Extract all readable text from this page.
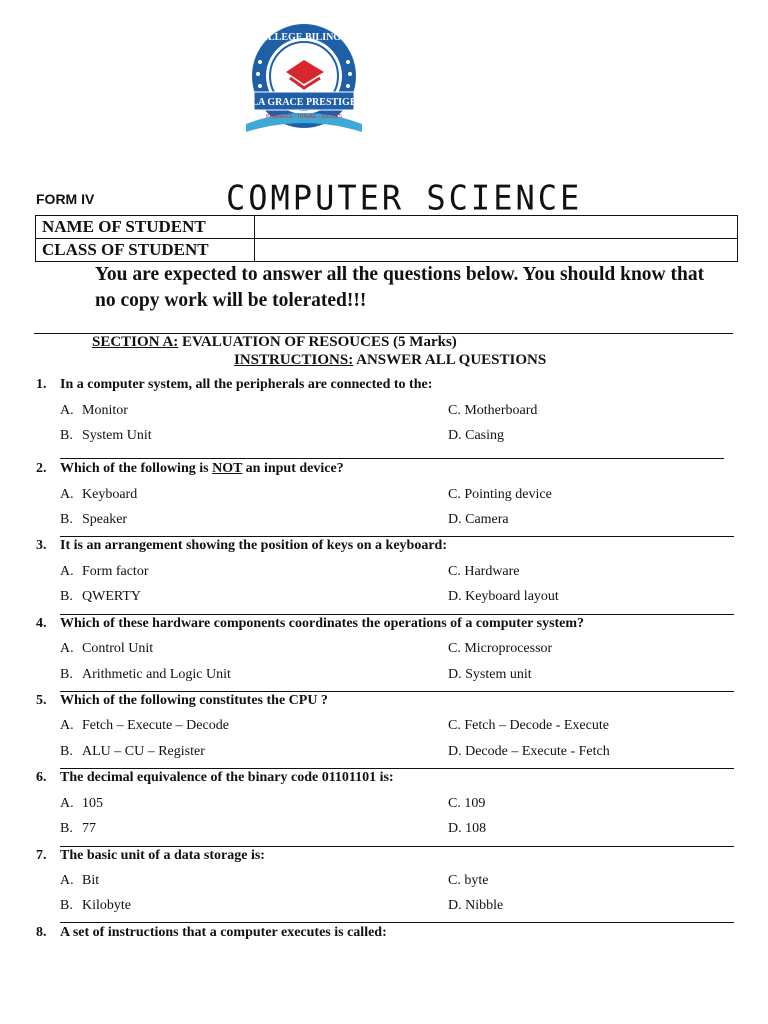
LA GRACE PRESTIGE
COLLEGE BILINGUE
INTEGRITE - TRAVAIL - SUCCES
FORM IV	COMPUTER SCIENCE
NAME OF STUDENT	
CLASS OF STUDENT	
You are expected to answer all the questions below. You should know that no copy work will be tolerated!!!
SECTION A: EVALUATION OF RESOUCES (5 Marks)
INSTRUCTIONS: ANSWER ALL QUESTIONS
1. In a computer system, all the peripherals are connected to the:
A. Monitor	C. Motherboard
B. System Unit	D. Casing
2. Which of the following is NOT an input device?
A. Keyboard	C. Pointing device
B. Speaker	D. Camera
3. It is an arrangement showing the position of keys on a keyboard:
A. Form factor	C. Hardware
B. QWERTY	D. Keyboard layout
4. Which of these hardware components coordinates the operations of a computer system?
A. Control Unit	C. Microprocessor
B. Arithmetic and Logic Unit	D. System unit
5. Which of the following constitutes the CPU ?
A. Fetch – Execute – Decode	C. Fetch – Decode - Execute
B. ALU – CU – Register	D. Decode – Execute - Fetch
6. The decimal equivalence of the binary code 01101101 is:
A. 105	C. 109
B. 77	D. 108
7. The basic unit of a data storage is:
A. Bit	C. byte
B. Kilobyte	D. Nibble
8. A set of instructions that a computer executes is called:
